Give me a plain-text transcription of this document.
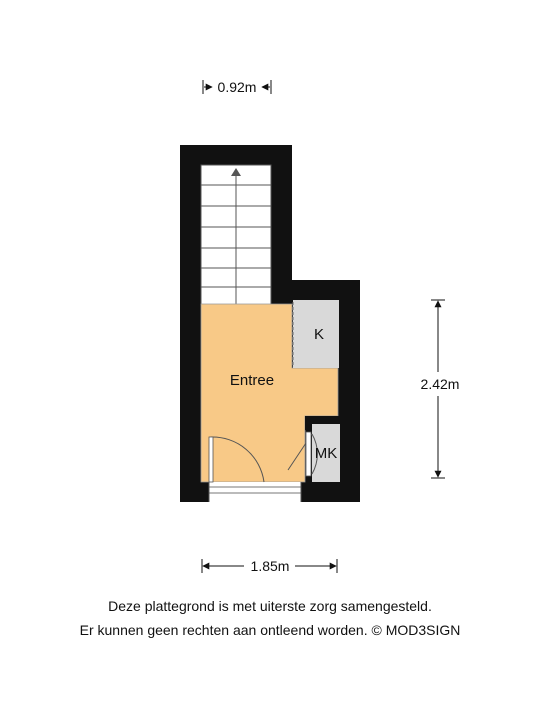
Entree
K
MK
0.92m
2.42m
1.85m
Deze plattegrond is met uiterste zorg samengesteld.
Er kunnen geen rechten aan ontleend worden. © MOD3SIGN
